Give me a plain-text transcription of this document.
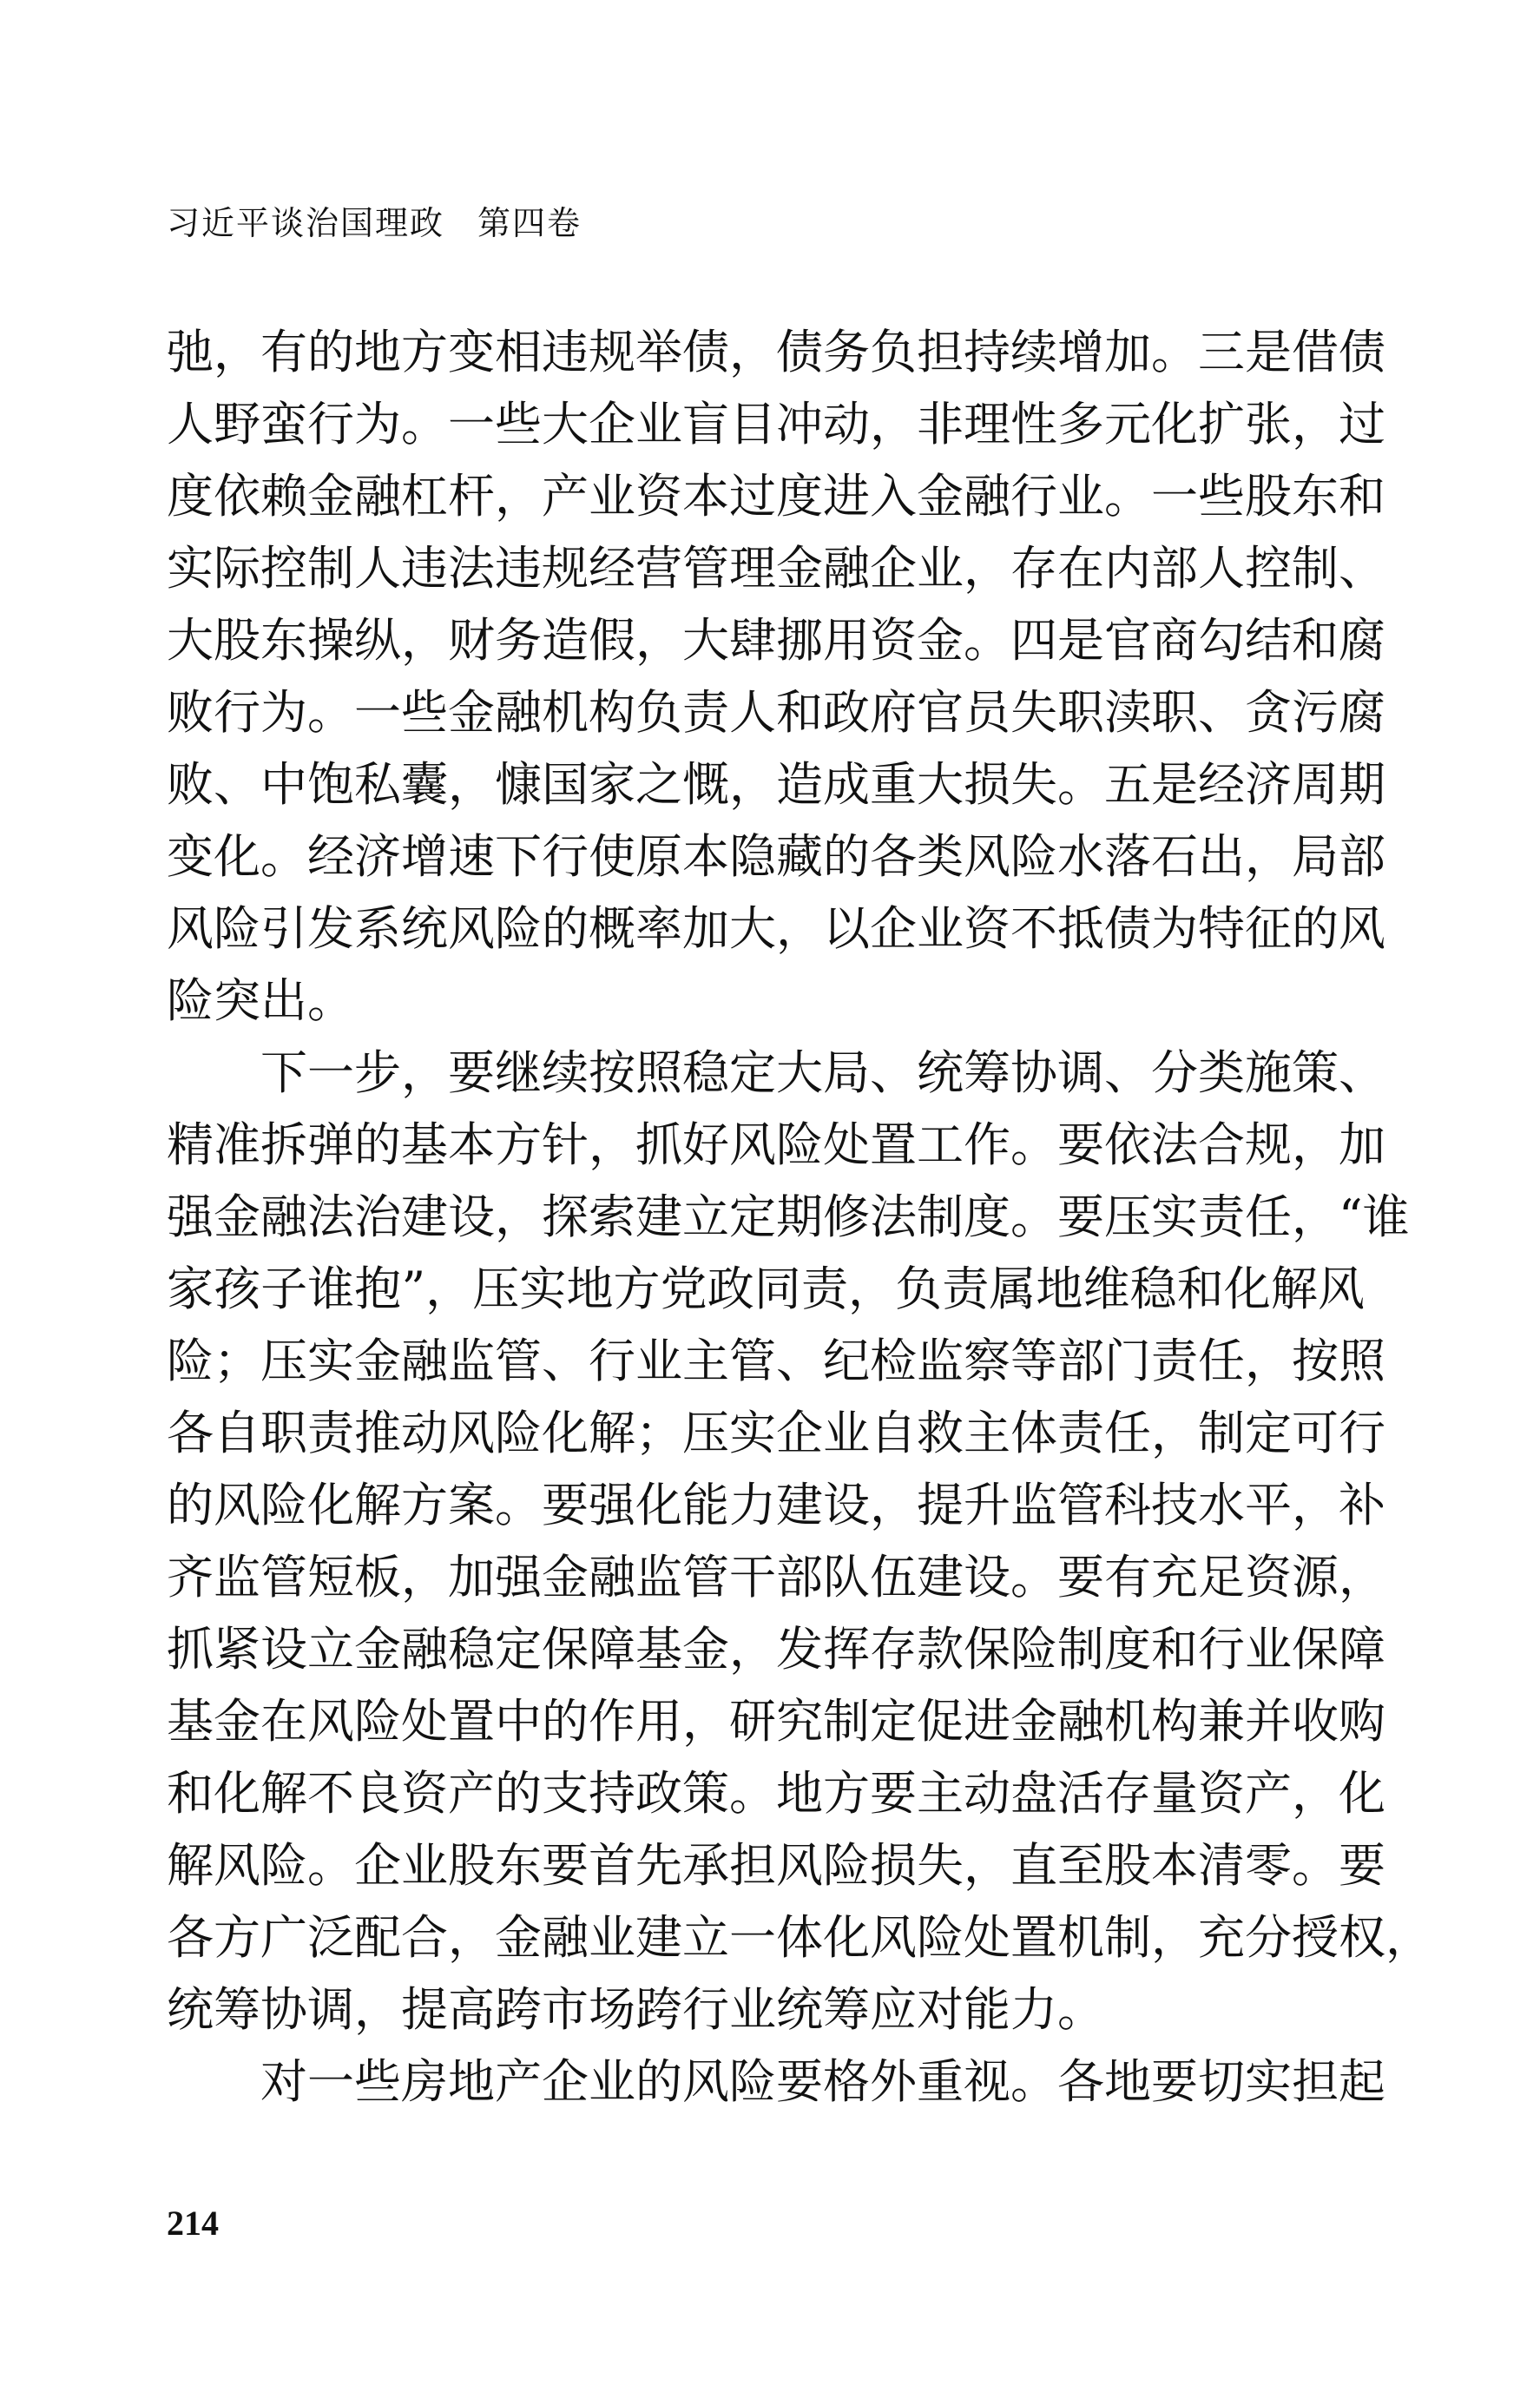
习近平谈治国理政 第四卷
弛，有的地方变相违规举债，债务负担持续增加。三是借债
人野蛮行为。一些大企业盲目冲动，非理性多元化扩张，过
度依赖金融杠杆，产业资本过度进入金融行业。一些股东和
实际控制人违法违规经营管理金融企业，存在内部人控制、
大股东操纵，财务造假，大肆挪用资金。四是官商勾结和腐
败行为。一些金融机构负责人和政府官员失职渎职、贪污腐
败、中饱私囊，慷国家之慨，造成重大损失。五是经济周期
变化。经济增速下行使原本隐藏的各类风险水落石出，局部
风险引发系统风险的概率加大，以企业资不抵债为特征的风
险突出。
下一步，要继续按照稳定大局、统筹协调、分类施策、
精准拆弹的基本方针，抓好风险处置工作。要依法合规，加
强金融法治建设，探索建立定期修法制度。要压实责任，“谁
家孩子谁抱”，压实地方党政同责，负责属地维稳和化解风
险；压实金融监管、行业主管、纪检监察等部门责任，按照
各自职责推动风险化解；压实企业自救主体责任，制定可行
的风险化解方案。要强化能力建设，提升监管科技水平，补
齐监管短板，加强金融监管干部队伍建设。要有充足资源，
抓紧设立金融稳定保障基金，发挥存款保险制度和行业保障
基金在风险处置中的作用，研究制定促进金融机构兼并收购
和化解不良资产的支持政策。地方要主动盘活存量资产，化
解风险。企业股东要首先承担风险损失，直至股本清零。要
各方广泛配合，金融业建立一体化风险处置机制，充分授权，
统筹协调，提高跨市场跨行业统筹应对能力。
对一些房地产企业的风险要格外重视。各地要切实担起
214
